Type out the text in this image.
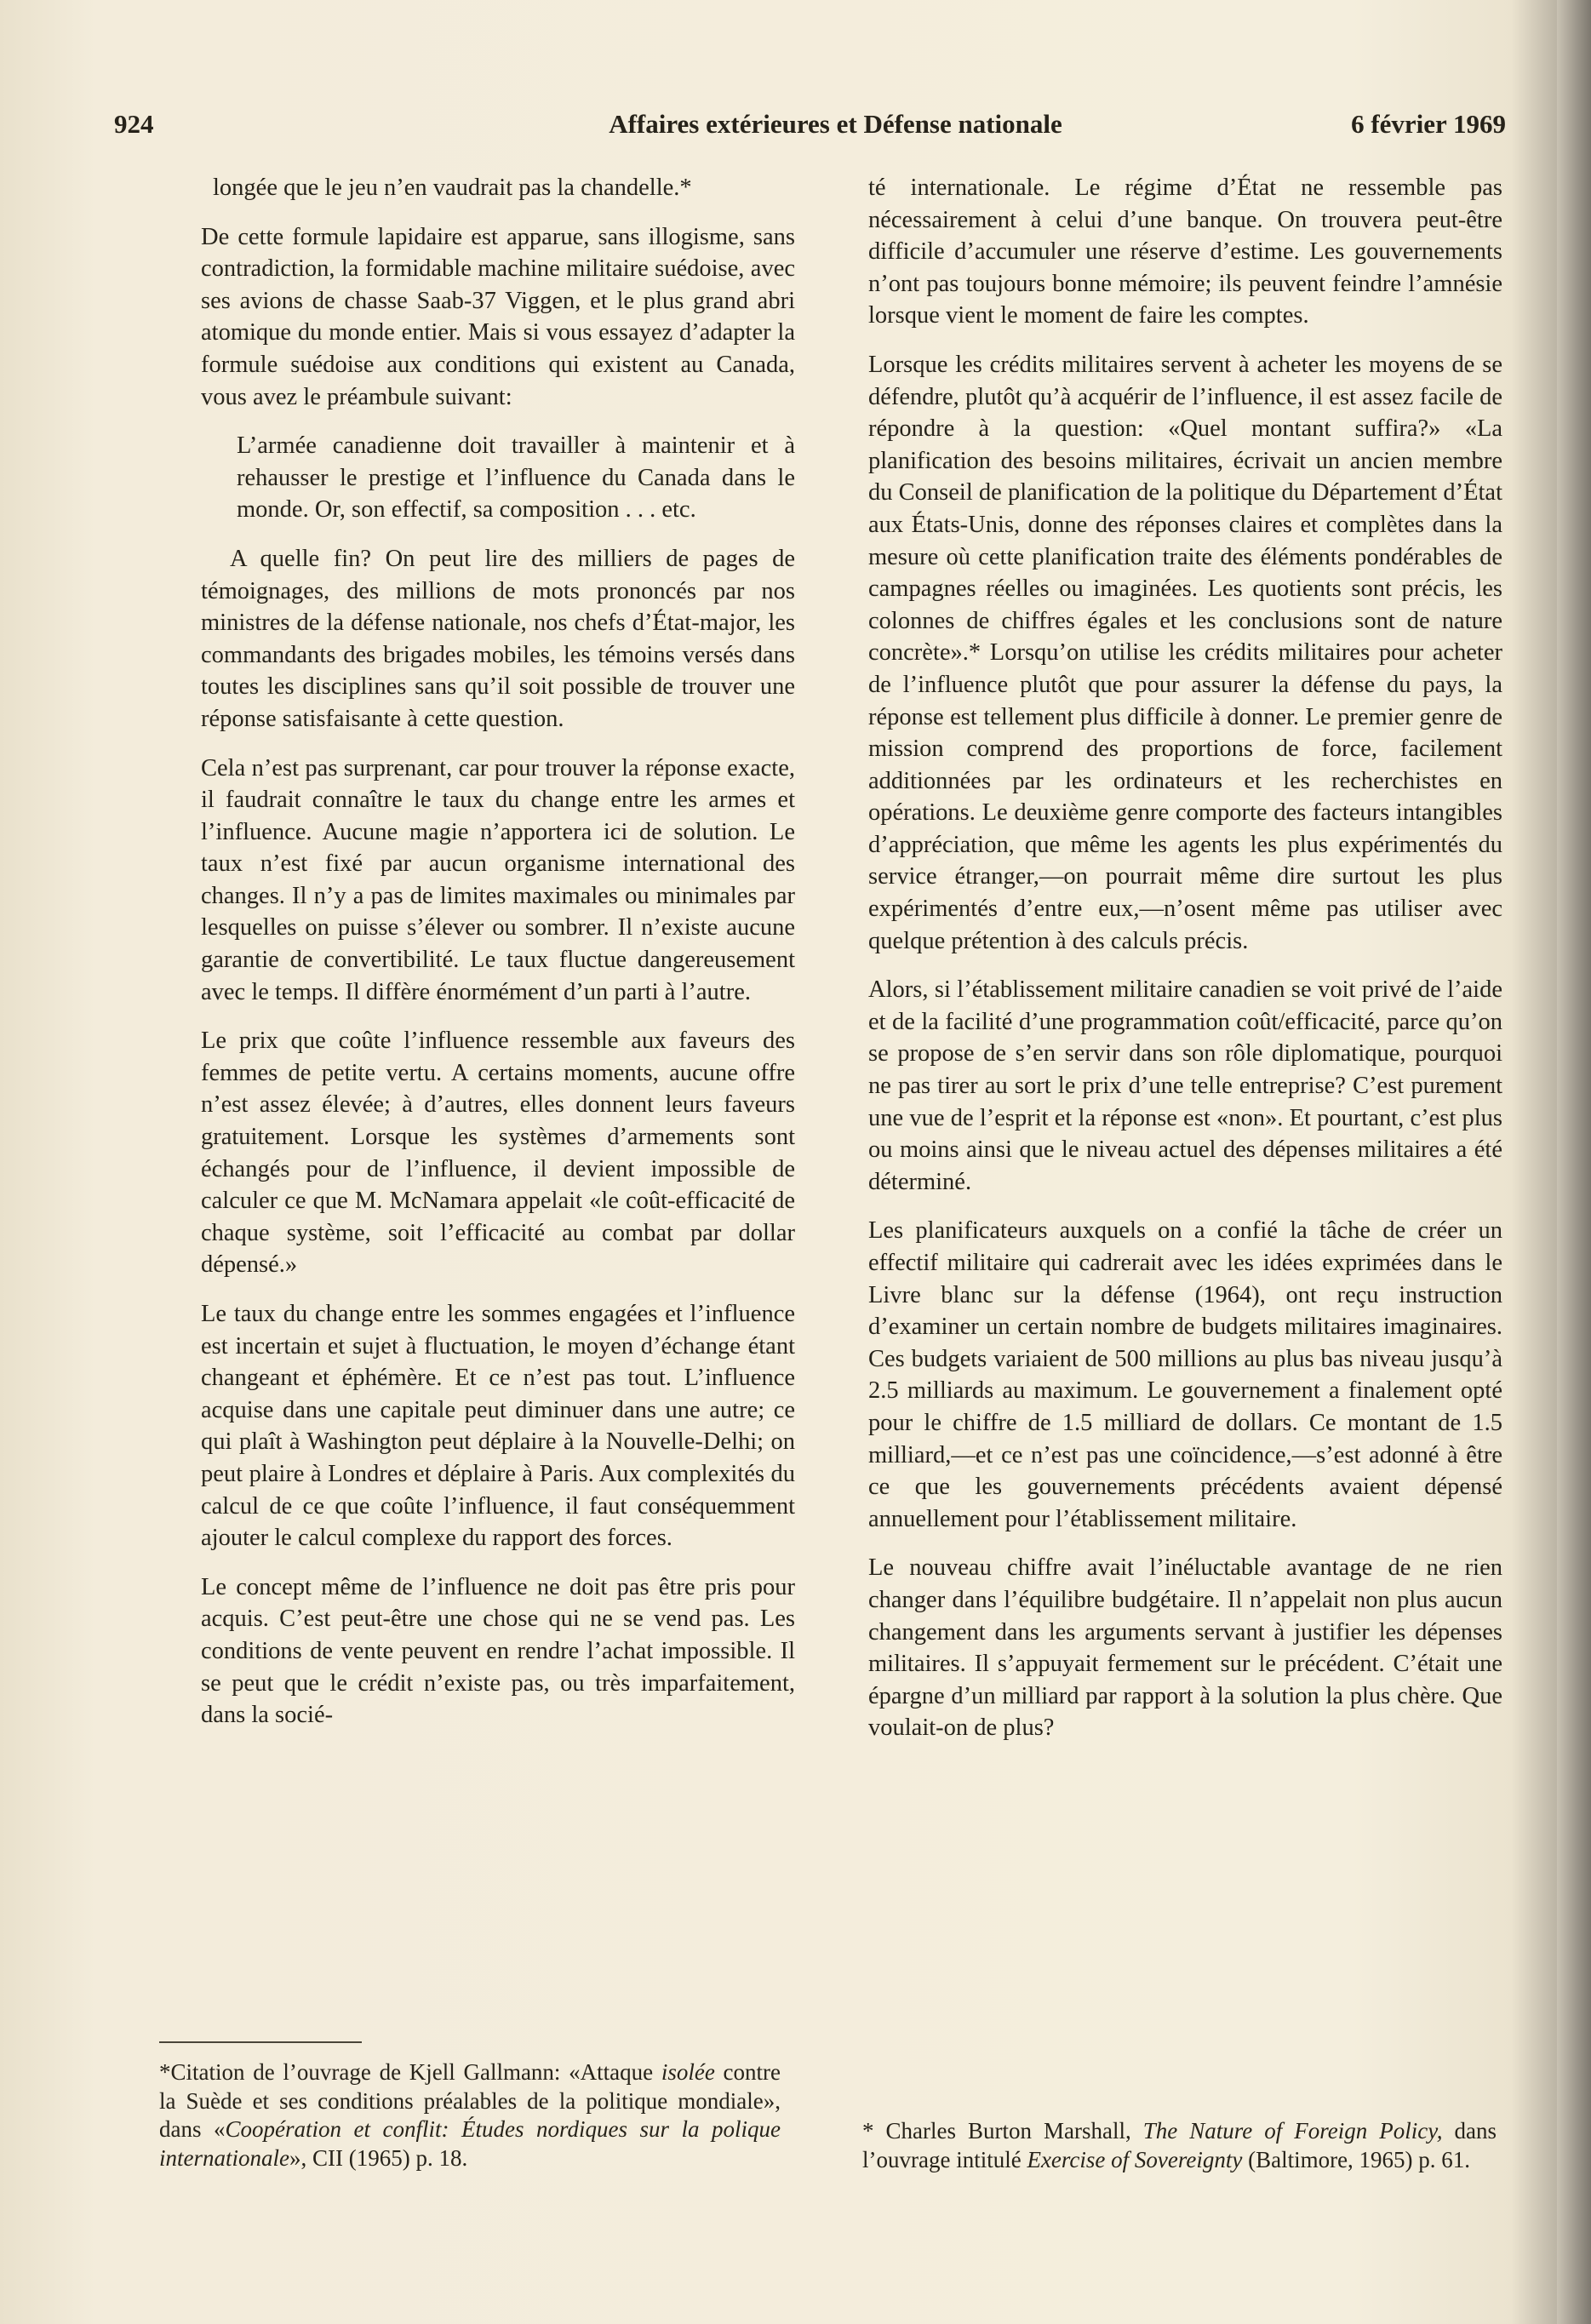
924	Affaires extérieures et Défense nationale	6 février 1969

longée que le jeu n’en vaudrait pas la chandelle.*

De cette formule lapidaire est apparue, sans illogisme, sans contradiction, la formidable machine militaire suédoise, avec ses avions de chasse Saab-37 Viggen, et le plus grand abri atomique du monde entier. Mais si vous essayez d’adapter la formule suédoise aux conditions qui existent au Canada, vous avez le préambule suivant:

L’armée canadienne doit travailler à maintenir et à rehausser le prestige et l’influence du Canada dans le monde. Or, son effectif, sa composition . . . etc.

A quelle fin? On peut lire des milliers de pages de témoignages, des millions de mots prononcés par nos ministres de la défense nationale, nos chefs d’État-major, les commandants des brigades mobiles, les témoins versés dans toutes les disciplines sans qu’il soit possible de trouver une réponse satisfaisante à cette question.

Cela n’est pas surprenant, car pour trouver la réponse exacte, il faudrait connaître le taux du change entre les armes et l’influence. Aucune magie n’apportera ici de solution. Le taux n’est fixé par aucun organisme international des changes. Il n’y a pas de limites maximales ou minimales par lesquelles on puisse s’élever ou sombrer. Il n’existe aucune garantie de convertibilité. Le taux fluctue dangereusement avec le temps. Il diffère énormément d’un parti à l’autre.

Le prix que coûte l’influence ressemble aux faveurs des femmes de petite vertu. A certains moments, aucune offre n’est assez élevée; à d’autres, elles donnent leurs faveurs gratuitement. Lorsque les systèmes d’armements sont échangés pour de l’influence, il devient impossible de calculer ce que M. McNamara appelait «le coût-efficacité de chaque système, soit l’efficacité au combat par dollar dépensé.»

Le taux du change entre les sommes engagées et l’influence est incertain et sujet à fluctuation, le moyen d’échange étant changeant et éphémère. Et ce n’est pas tout. L’influence acquise dans une capitale peut diminuer dans une autre; ce qui plaît à Washington peut déplaire à la Nouvelle-Delhi; on peut plaire à Londres et déplaire à Paris. Aux complexités du calcul de ce que coûte l’influence, il faut conséquemment ajouter le calcul complexe du rapport des forces.

Le concept même de l’influence ne doit pas être pris pour acquis. C’est peut-être une chose qui ne se vend pas. Les conditions de vente peuvent en rendre l’achat impossible. Il se peut que le crédit n’existe pas, ou très imparfaitement, dans la socié-

té internationale. Le régime d’État ne ressemble pas nécessairement à celui d’une banque. On trouvera peut-être difficile d’accumuler une réserve d’estime. Les gouvernements n’ont pas toujours bonne mémoire; ils peuvent feindre l’amnésie lorsque vient le moment de faire les comptes.

Lorsque les crédits militaires servent à acheter les moyens de se défendre, plutôt qu’à acquérir de l’influence, il est assez facile de répondre à la question: «Quel montant suffira?» «La planification des besoins militaires, écrivait un ancien membre du Conseil de planification de la politique du Département d’État aux États-Unis, donne des réponses claires et complètes dans la mesure où cette planification traite des éléments pondérables de campagnes réelles ou imaginées. Les quotients sont précis, les colonnes de chiffres égales et les conclusions sont de nature concrète».* Lorsqu’on utilise les crédits militaires pour acheter de l’influence plutôt que pour assurer la défense du pays, la réponse est tellement plus difficile à donner. Le premier genre de mission comprend des proportions de force, facilement additionnées par les ordinateurs et les recherchistes en opérations. Le deuxième genre comporte des facteurs intangibles d’appréciation, que même les agents les plus expérimentés du service étranger,—on pourrait même dire surtout les plus expérimentés d’entre eux,—n’osent même pas utiliser avec quelque prétention à des calculs précis.

Alors, si l’établissement militaire canadien se voit privé de l’aide et de la facilité d’une programmation coût/efficacité, parce qu’on se propose de s’en servir dans son rôle diplomatique, pourquoi ne pas tirer au sort le prix d’une telle entreprise? C’est purement une vue de l’esprit et la réponse est «non». Et pourtant, c’est plus ou moins ainsi que le niveau actuel des dépenses militaires a été déterminé.

Les planificateurs auxquels on a confié la tâche de créer un effectif militaire qui cadrerait avec les idées exprimées dans le Livre blanc sur la défense (1964), ont reçu instruction d’examiner un certain nombre de budgets militaires imaginaires. Ces budgets variaient de 500 millions au plus bas niveau jusqu’à 2.5 milliards au maximum. Le gouvernement a finalement opté pour le chiffre de 1.5 milliard de dollars. Ce montant de 1.5 milliard,—et ce n’est pas une coïncidence,—s’est adonné à être ce que les gouvernements précédents avaient dépensé annuellement pour l’établissement militaire.

Le nouveau chiffre avait l’inéluctable avantage de ne rien changer dans l’équilibre budgétaire. Il n’appelait non plus aucun changement dans les arguments servant à justifier les dépenses militaires. Il s’appuyait fermement sur le précédent. C’était une épargne d’un milliard par rapport à la solution la plus chère. Que voulait-on de plus?

*Citation de l’ouvrage de Kjell Gallmann: «Attaque isolée contre la Suède et ses conditions préalables de la politique mondiale», dans «Coopération et conflit: Études nordiques sur la polique internationale», CII (1965) p. 18.

* Charles Burton Marshall, The Nature of Foreign Policy, dans l’ouvrage intitulé Exercise of Sovereignty (Baltimore, 1965) p. 61.
